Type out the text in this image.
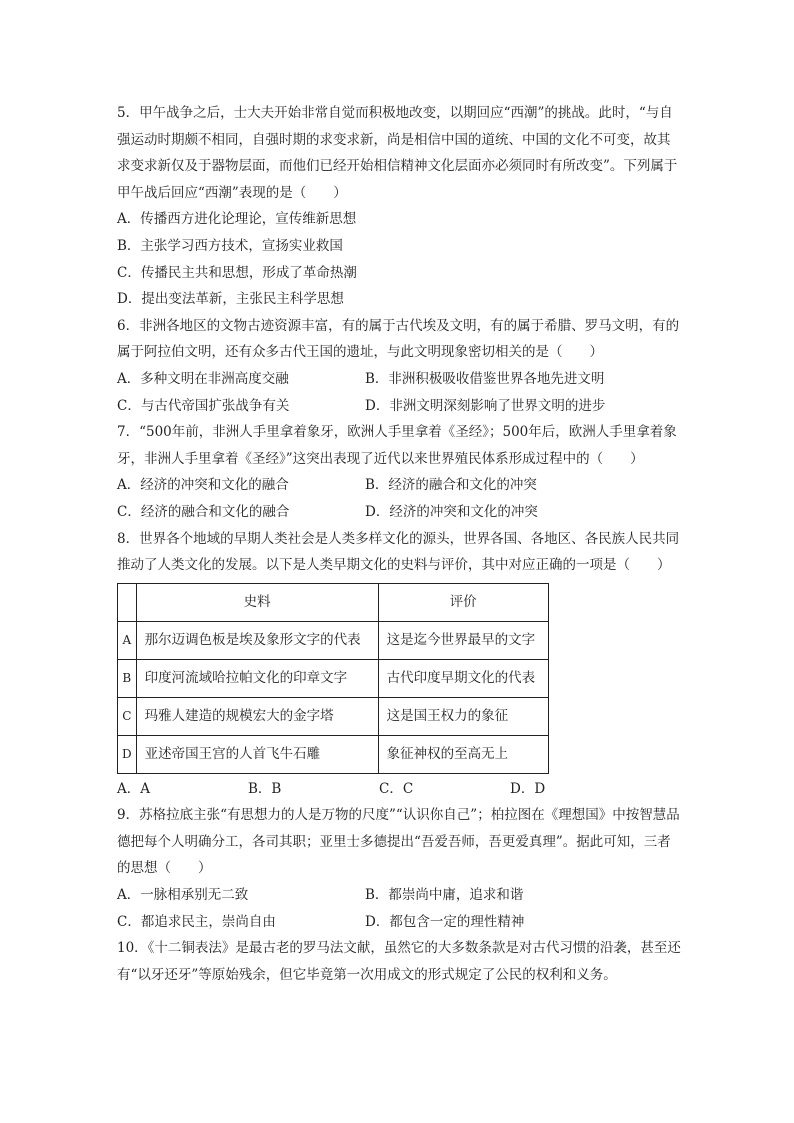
5．甲午战争之后，士大夫开始非常自觉而积极地改变，以期回应“西潮”的挑战。此时，“与自强运动时期颇不相同，自强时期的求变求新，尚是相信中国的道统、中国的文化不可变，故其求变求新仅及于器物层面，而他们已经开始相信精神文化层面亦必须同时有所改变”。下列属于甲午战后回应“西潮”表现的是（　　）

A．传播西方进化论理论，宣传维新思想

B．主张学习西方技术，宣扬实业救国

C．传播民主共和思想，形成了革命热潮

D．提出变法革新，主张民主科学思想

6．非洲各地区的文物古迹资源丰富，有的属于古代埃及文明，有的属于希腊、罗马文明，有的属于阿拉伯文明，还有众多古代王国的遗址，与此文明现象密切相关的是（　　）

A．多种文明在非洲高度交融	B．非洲积极吸收借鉴世界各地先进文明
C．与古代帝国扩张战争有关	D．非洲文明深刻影响了世界文明的进步

7．“500年前，非洲人手里拿着象牙，欧洲人手里拿着《圣经》；500年后，欧洲人手里拿着象牙，非洲人手里拿着《圣经》”这突出表现了近代以来世界殖民体系形成过程中的（　　）

A．经济的冲突和文化的融合	B．经济的融合和文化的冲突
C．经济的融合和文化的融合	D．经济的冲突和文化的冲突

8．世界各个地域的早期人类社会是人类多样文化的源头，世界各国、各地区、各民族人民共同推动了人类文化的发展。以下是人类早期文化的史料与评价，其中对应正确的一项是（　　）

	史料	评价
A	那尔迈调色板是埃及象形文字的代表	这是迄今世界最早的文字
B	印度河流域哈拉帕文化的印章文字	古代印度早期文化的代表
C	玛雅人建造的规模宏大的金字塔	这是国王权力的象征
D	亚述帝国王宫的人首飞牛石雕	象征神权的至高无上
A．A	B．B	C．C	D．D

9．苏格拉底主张“有思想力的人是万物的尺度”“认识你自己”；柏拉图在《理想国》中按智慧品德把每个人明确分工，各司其职；亚里士多德提出“吾爱吾师，吾更爱真理”。据此可知，三者的思想（　　）

A．一脉相承别无二致	B．都崇尚中庸，追求和谐
C．都追求民主，崇尚自由	D．都包含一定的理性精神

10．《十二铜表法》是最古老的罗马法文献，虽然它的大多数条款是对古代习惯的沿袭，甚至还有“以牙还牙”等原始残余，但它毕竟第一次用成文的形式规定了公民的权利和义务。
